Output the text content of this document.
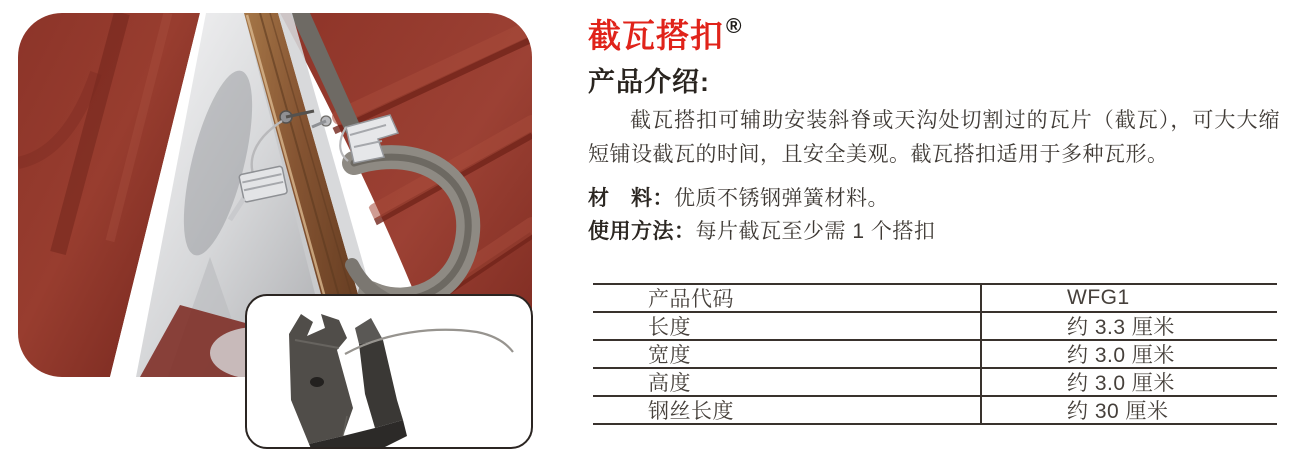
截瓦搭扣®
产品介绍:
截瓦搭扣可辅助安装斜脊或天沟处切割过的瓦片（截瓦），可大大缩短铺设截瓦的时间，且安全美观。截瓦搭扣适用于多种瓦形。
材　料：优质不锈钢弹簧材料。
使用方法：每片截瓦至少需 1 个搭扣
产品代码	WFG1
长度	约 3.3 厘米
宽度	约 3.0 厘米
高度	约 3.0 厘米
钢丝长度	约 30 厘米
